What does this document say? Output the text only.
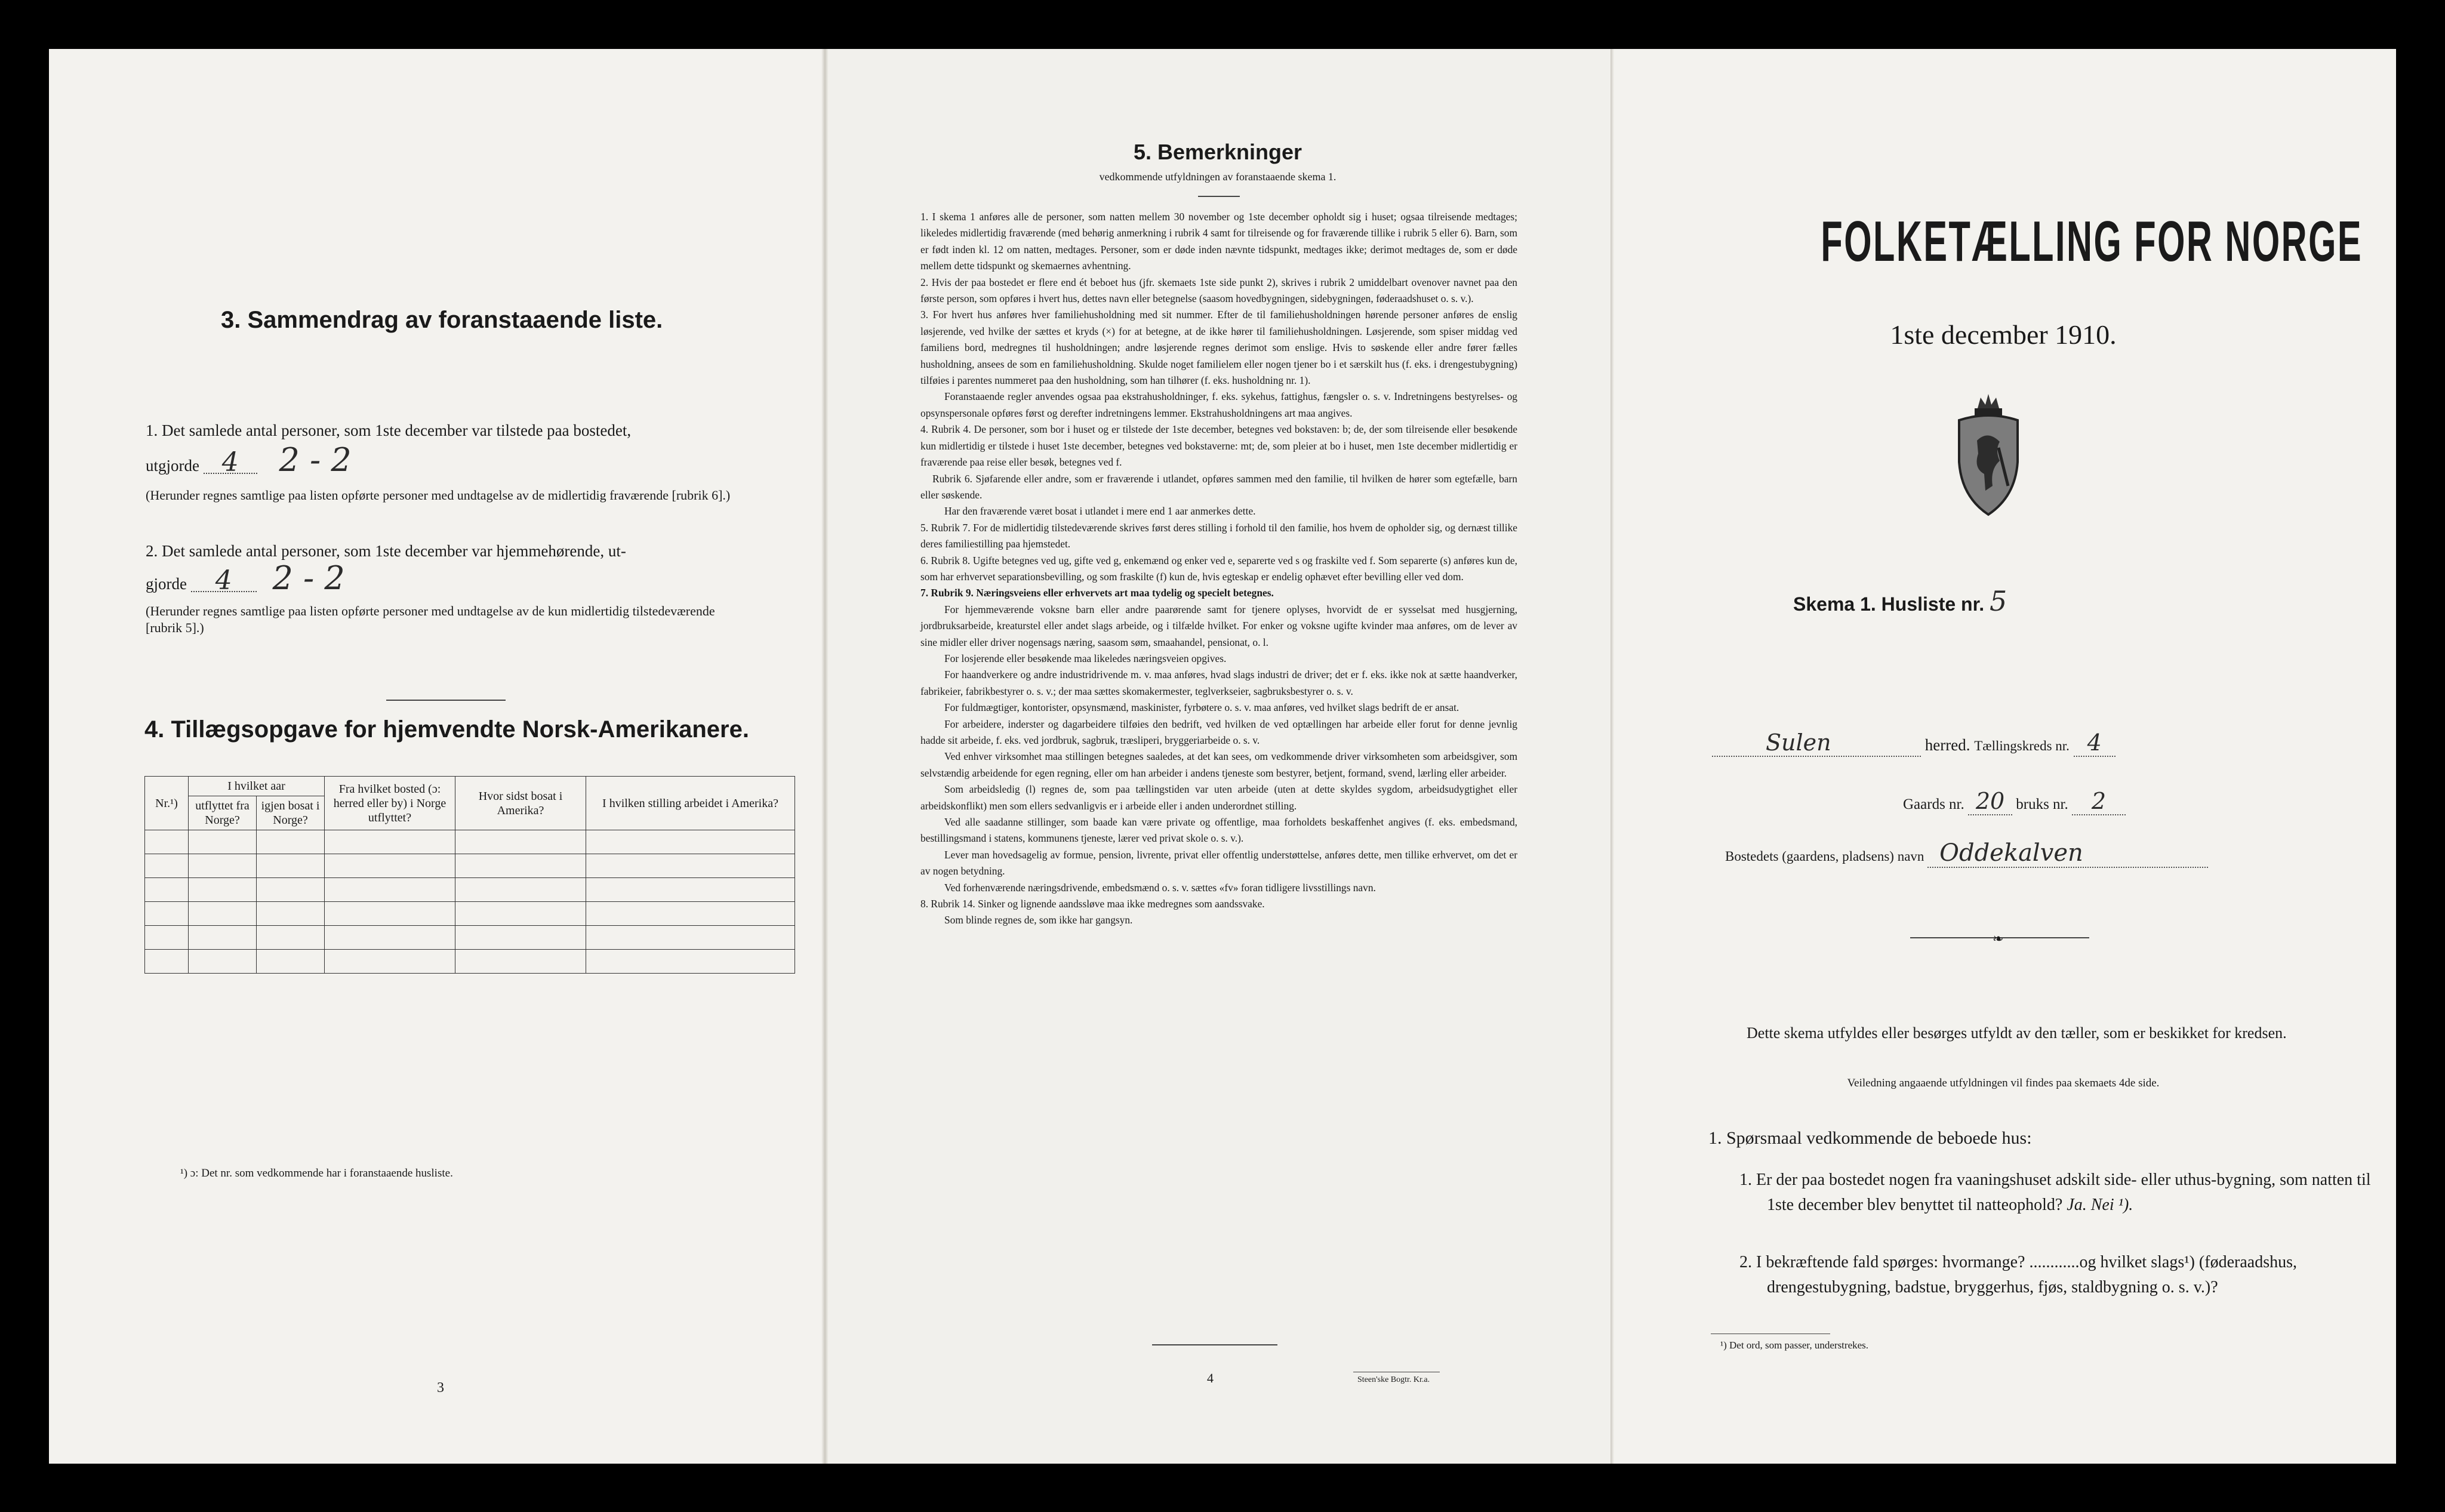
3. Sammendrag av foranstaaende liste.
1. Det samlede antal personer, som 1ste december var tilstede paa bostedet,
utgjorde 4 2 - 2
(Herunder regnes samtlige paa listen opførte personer med undtagelse av de midlertidig fraværende [rubrik 6].)
2. Det samlede antal personer, som 1ste december var hjemmehørende, ut-
gjorde 4 2 - 2
(Herunder regnes samtlige paa listen opførte personer med undtagelse av de kun midlertidig tilstedeværende [rubrik 5].)
4. Tillægsopgave for hjemvendte Norsk-Amerikanere.
Nr.¹)	I hvilket aar		Fra hvilket bosted (ɔ: herred eller by) i Norge utflyttet?	Hvor sidst bosat i Amerika?	I hvilken stilling arbeidet i Amerika?
	utflyttet fra Norge?	igjen bosat i Norge?			

¹) ɔ: Det nr. som vedkommende har i foranstaaende husliste.
3
5. Bemerkninger
vedkommende utfyldningen av foranstaaende skema 1.

1. I skema 1 anføres alle de personer, som natten mellem 30 november og 1ste december opholdt sig i huset; ogsaa tilreisende medtages; likeledes midlertidig fraværende (med behørig anmerkning i rubrik 4 samt for tilreisende og for fraværende tillike i rubrik 5 eller 6). Barn, som er født inden kl. 12 om natten, medtages. Personer, som er døde inden nævnte tidspunkt, medtages ikke; derimot medtages de, som er døde mellem dette tidspunkt og skemaernes avhentning.

2. Hvis der paa bostedet er flere end ét beboet hus (jfr. skemaets 1ste side punkt 2), skrives i rubrik 2 umiddelbart ovenover navnet paa den første person, som opføres i hvert hus, dettes navn eller betegnelse (saasom hovedbygningen, sidebygningen, føderaadshuset o. s. v.).

3. For hvert hus anføres hver familiehusholdning med sit nummer. Efter de til familiehusholdningen hørende personer anføres de enslig løsjerende, ved hvilke der sættes et kryds (×) for at betegne, at de ikke hører til familiehusholdningen. Løsjerende, som spiser middag ved familiens bord, medregnes til husholdningen; andre løsjerende regnes derimot som enslige. Hvis to søskende eller andre fører fælles husholdning, ansees de som en familiehusholdning. Skulde noget familielem eller nogen tjener bo i et særskilt hus (f. eks. i drengestubygning) tilføies i parentes nummeret paa den husholdning, som han tilhører (f. eks. husholdning nr. 1).

Foranstaaende regler anvendes ogsaa paa ekstrahusholdninger, f. eks. sykehus, fattighus, fængsler o. s. v. Indretningens bestyrelses- og opsynspersonale opføres først og derefter indretningens lemmer. Ekstrahusholdningens art maa angives.

4. Rubrik 4. De personer, som bor i huset og er tilstede der 1ste december, betegnes ved bokstaven: b; de, der som tilreisende eller besøkende kun midlertidig er tilstede i huset 1ste december, betegnes ved bokstaverne: mt; de, som pleier at bo i huset, men 1ste december midlertidig er fraværende paa reise eller besøk, betegnes ved f.

Rubrik 6. Sjøfarende eller andre, som er fraværende i utlandet, opføres sammen med den familie, til hvilken de hører som egtefælle, barn eller søskende.

Har den fraværende været bosat i utlandet i mere end 1 aar anmerkes dette.

5. Rubrik 7. For de midlertidig tilstedeværende skrives først deres stilling i forhold til den familie, hos hvem de opholder sig, og dernæst tillike deres familiestilling paa hjemstedet.

6. Rubrik 8. Ugifte betegnes ved ug, gifte ved g, enkemænd og enker ved e, separerte ved s og fraskilte ved f. Som separerte (s) anføres kun de, som har erhvervet separationsbevilling, og som fraskilte (f) kun de, hvis egteskap er endelig ophævet efter bevilling eller ved dom.

7. Rubrik 9. Næringsveiens eller erhvervets art maa tydelig og specielt betegnes.

For hjemmeværende voksne barn eller andre paarørende samt for tjenere oplyses, hvorvidt de er sysselsat med husgjerning, jordbruksarbeide, kreaturstel eller andet slags arbeide, og i tilfælde hvilket. For enker og voksne ugifte kvinder maa anføres, om de lever av sine midler eller driver nogensags næring, saasom søm, smaahandel, pensionat, o. l.

For losjerende eller besøkende maa likeledes næringsveien opgives.

For haandverkere og andre industridrivende m. v. maa anføres, hvad slags industri de driver; det er f. eks. ikke nok at sætte haandverker, fabrikeier, fabrikbestyrer o. s. v.; der maa sættes skomakermester, teglverkseier, sagbruksbestyrer o. s. v.

For fuldmægtiger, kontorister, opsynsmænd, maskinister, fyrbøtere o. s. v. maa anføres, ved hvilket slags bedrift de er ansat.

For arbeidere, inderster og dagarbeidere tilføies den bedrift, ved hvilken de ved optællingen har arbeide eller forut for denne jevnlig hadde sit arbeide, f. eks. ved jordbruk, sagbruk, træsliperi, bryggeriarbeide o. s. v.

Ved enhver virksomhet maa stillingen betegnes saaledes, at det kan sees, om vedkommende driver virksomheten som arbeidsgiver, som selvstændig arbeidende for egen regning, eller om han arbeider i andens tjeneste som bestyrer, betjent, formand, svend, lærling eller arbeider.

Som arbeidsledig (l) regnes de, som paa tællingstiden var uten arbeide (uten at dette skyldes sygdom, arbeidsudygtighet eller arbeidskonflikt) men som ellers sedvanligvis er i arbeide eller i anden underordnet stilling.

Ved alle saadanne stillinger, som baade kan være private og offentlige, maa forholdets beskaffenhet angives (f. eks. embedsmand, bestillingsmand i statens, kommunens tjeneste, lærer ved privat skole o. s. v.).

Lever man hovedsagelig av formue, pension, livrente, privat eller offentlig understøttelse, anføres dette, men tillike erhvervet, om det er av nogen betydning.

Ved forhenværende næringsdrivende, embedsmænd o. s. v. sættes «fv» foran tidligere livsstillings navn.

8. Rubrik 14. Sinker og lignende aandssløve maa ikke medregnes som aandssvake.

Som blinde regnes de, som ikke har gangsyn.

4	Steen'ske Bogtr. Kr.a.
FOLKETÆLLING FOR NORGE
1ste december 1910.
Skema 1. Husliste nr. 5
Sulen	herred. Tællingskreds nr. 4
Gaards nr. 20 bruks nr. 2
Bostedets (gaardens, pladsens) navn Oddekalven
❧
Dette skema utfyldes eller besørges utfyldt av den tæller, som er beskikket for kredsen.
Veiledning angaaende utfyldningen vil findes paa skemaets 4de side.
1. Spørsmaal vedkommende de beboede hus:
1. Er der paa bostedet nogen fra vaaningshuset adskilt side- eller uthus-bygning, som natten til 1ste december blev benyttet til natteophold? Ja. Nei ¹).
2. I bekræftende fald spørges: hvormange? ............og hvilket slags¹) (føderaadshus, drengestubygning, badstue, bryggerhus, fjøs, staldbygning o. s. v.)?
¹) Det ord, som passer, understrekes.
